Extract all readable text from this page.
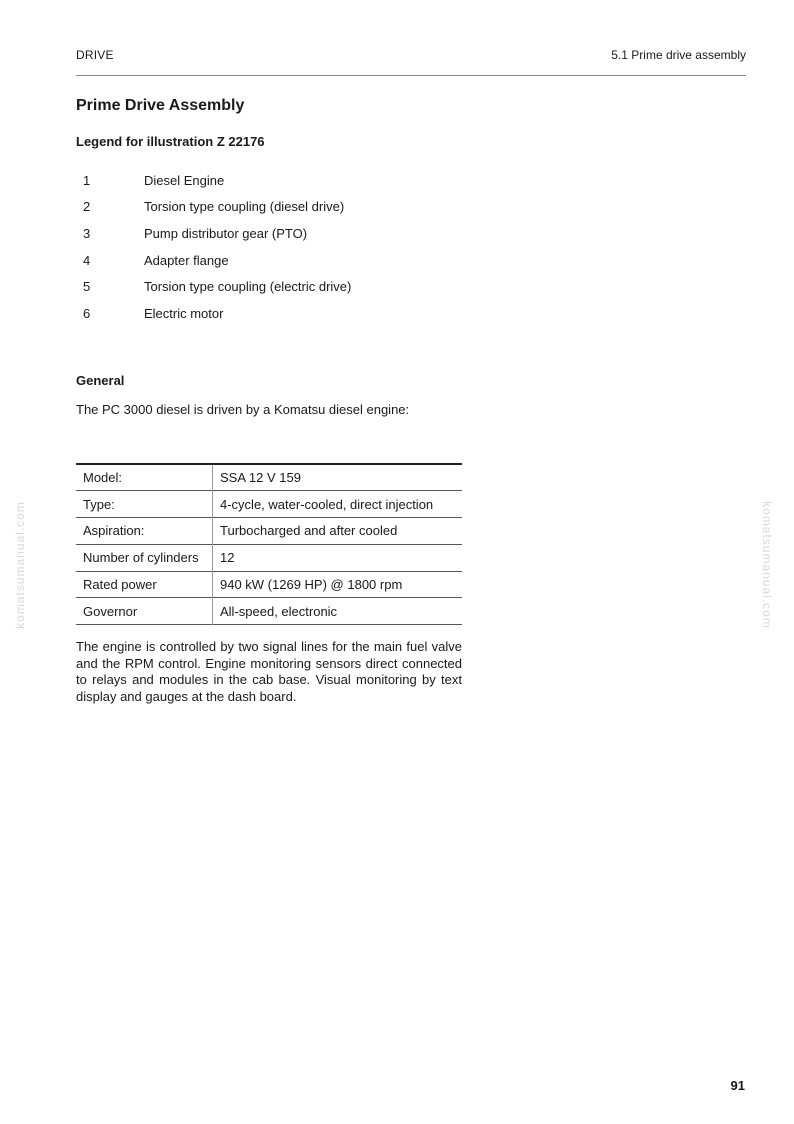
DRIVE	5.1 Prime drive assembly
Prime Drive Assembly
Legend for illustration Z 22176
1	Diesel Engine
2	Torsion type coupling (diesel drive)
3	Pump distributor gear (PTO)
4	Adapter flange
5	Torsion type coupling (electric drive)
6	Electric motor
General

The PC 3000 diesel is driven by a Komatsu diesel engine:

Model:	SSA 12 V 159
Type:	4-cycle, water-cooled, direct injection
Aspiration:	Turbocharged and after cooled
Number of cylinders	12
Rated power	940 kW (1269 HP) @ 1800 rpm
Governor	All-speed, electronic

The engine is controlled by two signal lines for the main fuel valve and the RPM control. Engine monitoring sensors direct connected to relays and modules in the cab base. Visual monitoring by text display and gauges at the dash board.

komatsumanual.com	komatsumanual.com
91
